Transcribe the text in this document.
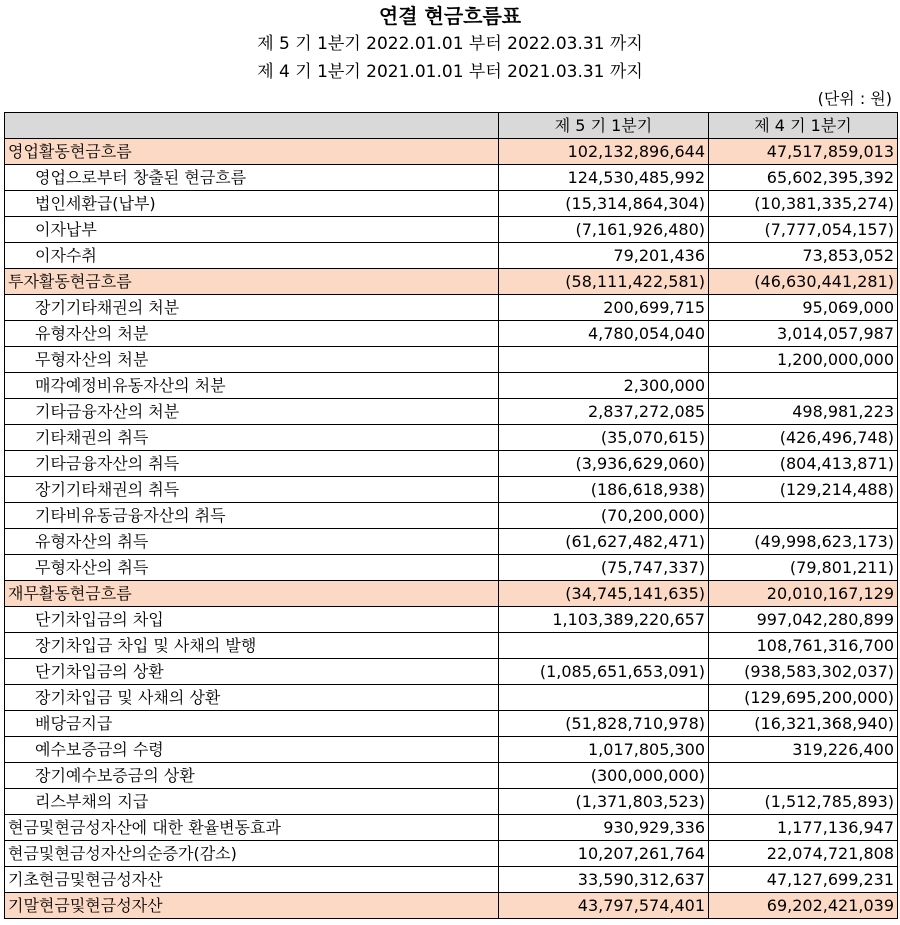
연결 현금흐름표
제 5 기 1분기 2022.01.01 부터 2022.03.31 까지
제 4 기 1분기 2021.01.01 부터 2021.03.31 까지
(단위 : 원)
	제 5 기 1분기	제 4 기 1분기
영업활동현금흐름	102,132,896,644	47,517,859,013
영업으로부터 창출된 현금흐름	124,530,485,992	65,602,395,392
법인세환급(납부)	(15,314,864,304)	(10,381,335,274)
이자납부	(7,161,926,480)	(7,777,054,157)
이자수취	79,201,436	73,853,052
투자활동현금흐름	(58,111,422,581)	(46,630,441,281)
장기기타채권의 처분	200,699,715	95,069,000
유형자산의 처분	4,780,054,040	3,014,057,987
무형자산의 처분		1,200,000,000
매각예정비유동자산의 처분	2,300,000	
기타금융자산의 처분	2,837,272,085	498,981,223
기타채권의 취득	(35,070,615)	(426,496,748)
기타금융자산의 취득	(3,936,629,060)	(804,413,871)
장기기타채권의 취득	(186,618,938)	(129,214,488)
기타비유동금융자산의 취득	(70,200,000)	
유형자산의 취득	(61,627,482,471)	(49,998,623,173)
무형자산의 취득	(75,747,337)	(79,801,211)
재무활동현금흐름	(34,745,141,635)	20,010,167,129
단기차입금의 차입	1,103,389,220,657	997,042,280,899
장기차입금 차입 및 사채의 발행		108,761,316,700
단기차입금의 상환	(1,085,651,653,091)	(938,583,302,037)
장기차입금 및 사채의 상환		(129,695,200,000)
배당금지급	(51,828,710,978)	(16,321,368,940)
예수보증금의 수령	1,017,805,300	319,226,400
장기예수보증금의 상환	(300,000,000)	
리스부채의 지급	(1,371,803,523)	(1,512,785,893)
현금및현금성자산에 대한 환율변동효과	930,929,336	1,177,136,947
현금및현금성자산의순증가(감소)	10,207,261,764	22,074,721,808
기초현금및현금성자산	33,590,312,637	47,127,699,231
기말현금및현금성자산	43,797,574,401	69,202,421,039
